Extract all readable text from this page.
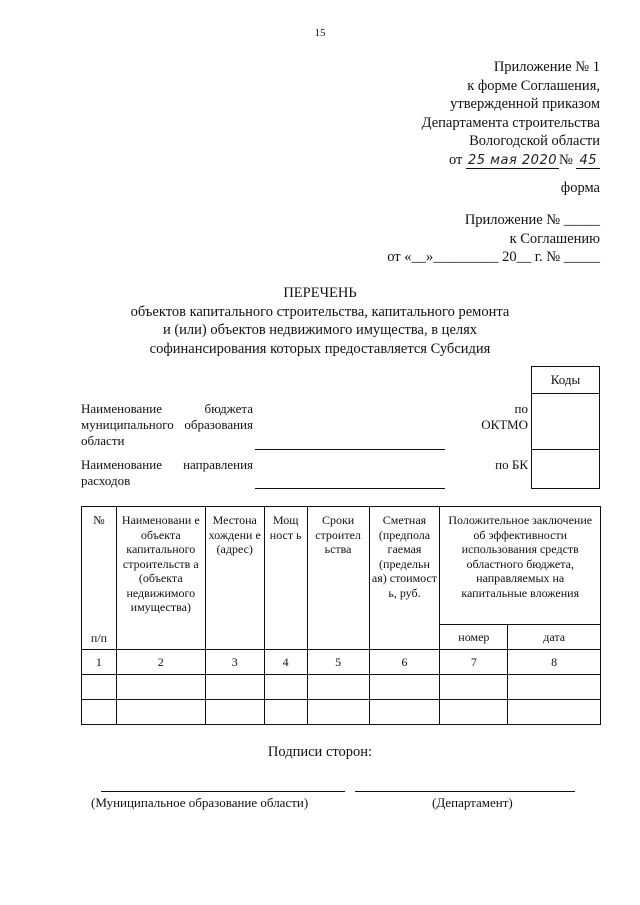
15
Приложение № 1
к форме Соглашения,
утвержденной приказом
Департамента строительства
Вологодской области
от 25 мая 2020 № 45
форма
Приложение № _____
к Соглашению
от «__»_________ 20__ г. № _____
ПЕРЕЧЕНЬ
объектов капитального строительства, капитального ремонта
и (или) объектов недвижимого имущества, в целях
софинансирования которых предоставляется Субсидия
Наименование бюджета
муниципального образования
области
по
ОКТМО
Наименование направления
расходов
по БК
Коды
№
п/п	Наименовани е объекта капитального строительств а (объекта недвижимого имущества)	Местона хождени е (адрес)	Мощ ност ь	Сроки строител ьства	Сметная (предпола гаемая (предельн ая) стоимост ь, руб.	Положительное заключение об эффективности использования средств областного бюджета, направляемых на капитальные вложения	
						номер	дата
1	2	3	4	5	6	7	8

Подписи сторон:
(Муниципальное образование области)	(Департамент)
